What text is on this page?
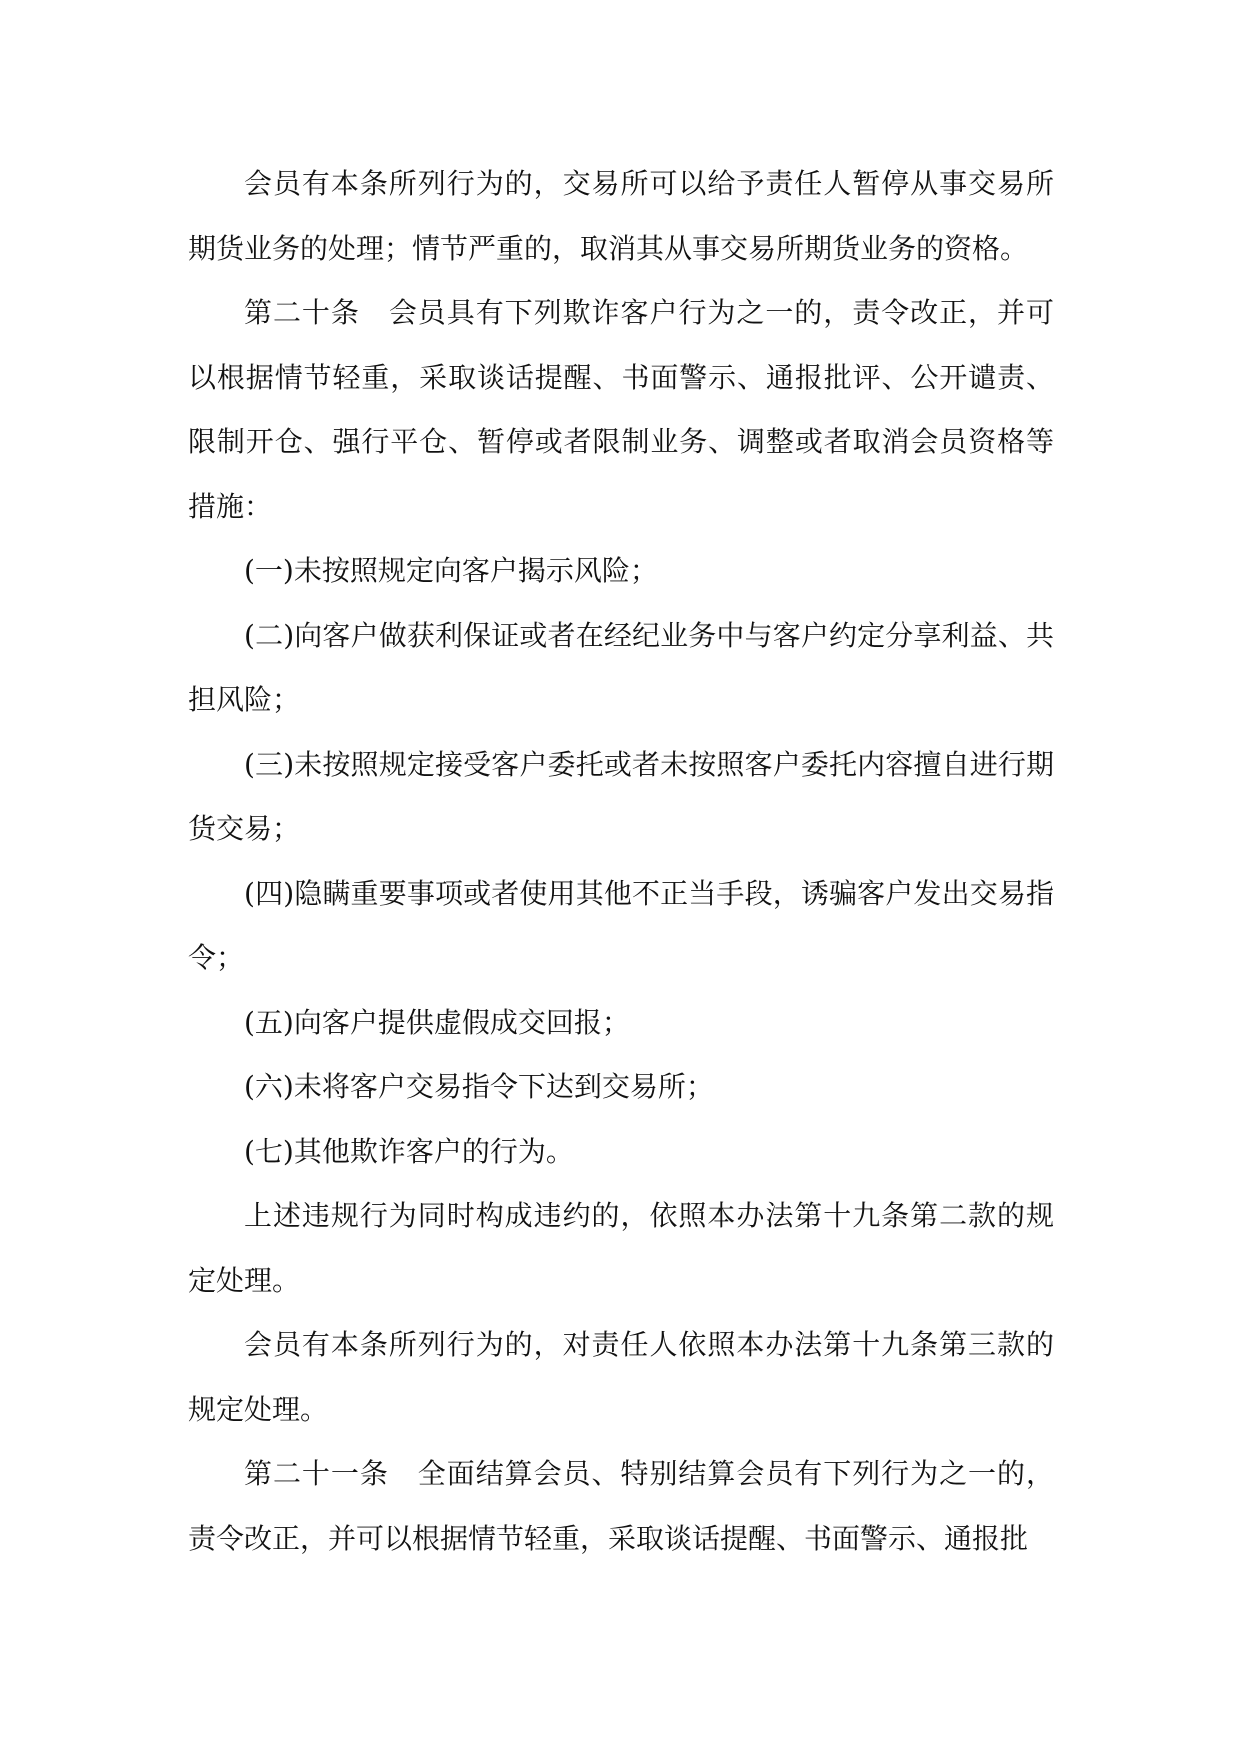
会员有本条所列行为的，交易所可以给予责任人暂停从事交易所期货业务的处理；情节严重的，取消其从事交易所期货业务的资格。

第二十条 会员具有下列欺诈客户行为之一的，责令改正，并可以根据情节轻重，采取谈话提醒、书面警示、通报批评、公开谴责、限制开仓、强行平仓、暂停或者限制业务、调整或者取消会员资格等措施：

(一)未按照规定向客户揭示风险；

(二)向客户做获利保证或者在经纪业务中与客户约定分享利益、共担风险；

(三)未按照规定接受客户委托或者未按照客户委托内容擅自进行期货交易；

(四)隐瞒重要事项或者使用其他不正当手段，诱骗客户发出交易指令；

(五)向客户提供虚假成交回报；

(六)未将客户交易指令下达到交易所；

(七)其他欺诈客户的行为。

上述违规行为同时构成违约的，依照本办法第十九条第二款的规定处理。

会员有本条所列行为的，对责任人依照本办法第十九条第三款的规定处理。

第二十一条 全面结算会员、特别结算会员有下列行为之一的，责令改正，并可以根据情节轻重，采取谈话提醒、书面警示、通报批
